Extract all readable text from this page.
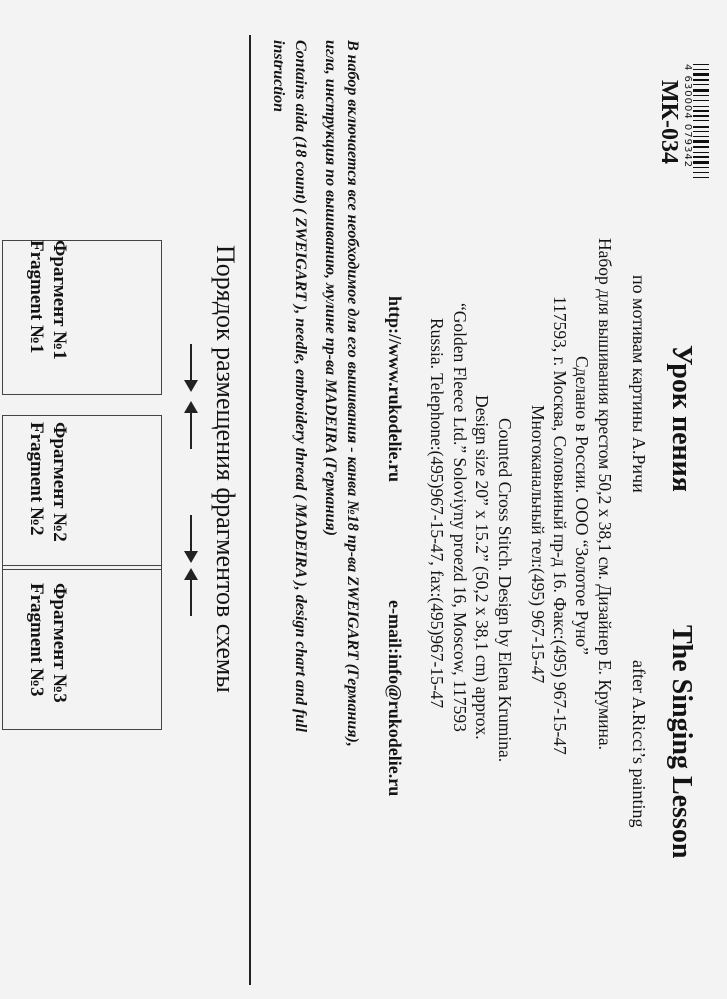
4 630004 079342
МК-034
Урок пения
The Singing Lesson
по мотивам картины А.Ричи
after A.Ricci’s painting
Набор для вышивания крестом 50,2 х 38,1 см. Дизайнер Е. Крумина.
Сделано в России. ООО “Золотое Руно”
117593, г. Москва, Соловьиный пр-д 16. Факс:(495) 967-15-47
Многоканальный тел:(495) 967-15-47
Counted Cross Stitch. Design by Elena Krumina.
Design size 20” x 15.2” (50,2 x 38,1 cm) approx.
“Golden Fleece Ltd.” Soloviyny proezd 16, Moscow, 117593
Russia. Telephone:(495)967-15-47, fax:(495)967-15-47
http://www.rukodelie.ru
e-mail:info@rukodelie.ru
В набор включается все необходимое для его вышивания - канва №18 пр-ва ZWEIGART (Германия),
игла, инструкция по вышиванию, мулине пр-ва MADEIRA (Германия)
Contains aida (18 count) ( ZWEIGART ), needle, embroidery thread ( MADEIRA ), design chart and full
instruction
Порядок размещения фрагментов схемы
Фрагмент №1
Fragment №1
Фрагмент №2
Fragment №2
Фрагмент №3
Fragment №3
